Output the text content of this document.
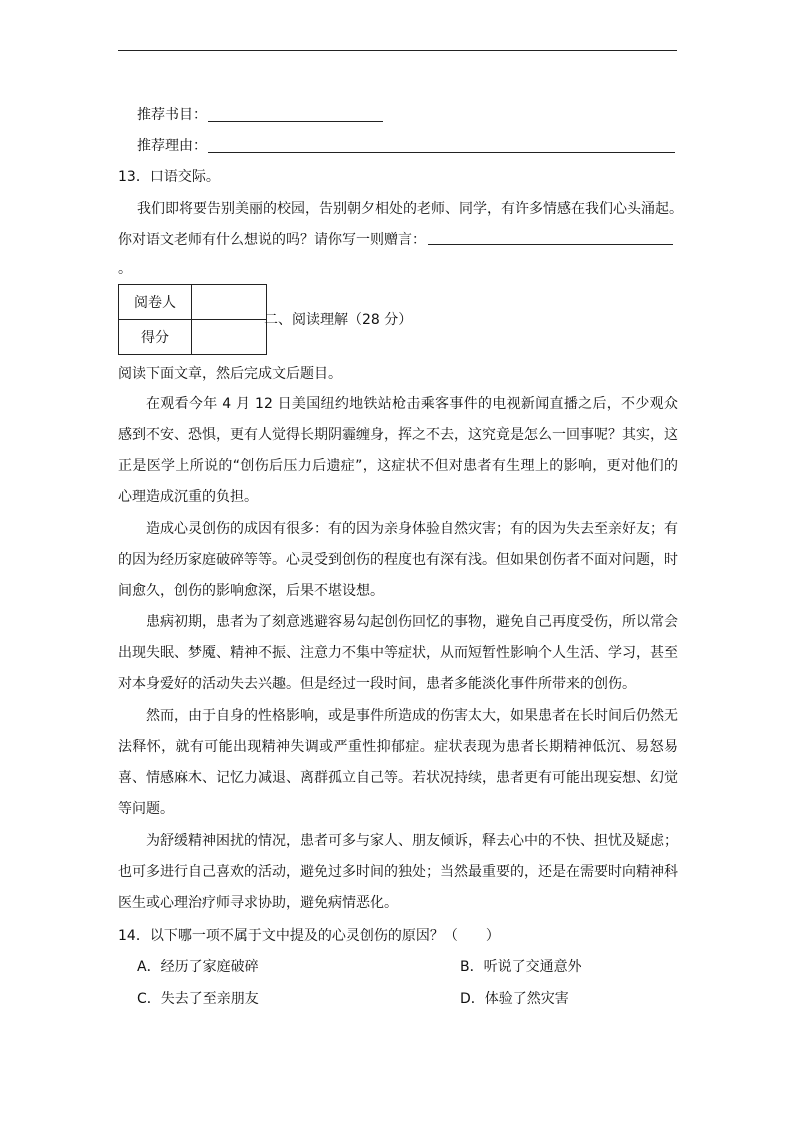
推荐书目：
推荐理由：
13．口语交际。
我们即将要告别美丽的校园，告别朝夕相处的老师、同学，有许多情感在我们心头涌起。
你对语文老师有什么想说的吗？请你写一则赠言：
。
阅卷人	
得分	
二、阅读理解（28 分）
阅读下面文章，然后完成文后题目。
在观看今年 4 月 12 日美国纽约地铁站枪击乘客事件的电视新闻直播之后，不少观众感到不安、恐惧，更有人觉得长期阴霾缠身，挥之不去，这究竟是怎么一回事呢？其实，这正是医学上所说的“创伤后压力后遗症”，这症状不但对患者有生理上的影响，更对他们的心理造成沉重的负担。
造成心灵创伤的成因有很多：有的因为亲身体验自然灾害；有的因为失去至亲好友；有的因为经历家庭破碎等等。心灵受到创伤的程度也有深有浅。但如果创伤者不面对问题，时间愈久，创伤的影响愈深，后果不堪设想。
患病初期，患者为了刻意逃避容易勾起创伤回忆的事物，避免自己再度受伤，所以常会出现失眠、梦魇、精神不振、注意力不集中等症状，从而短暂性影响个人生活、学习，甚至对本身爱好的活动失去兴趣。但是经过一段时间，患者多能淡化事件所带来的创伤。
然而，由于自身的性格影响，或是事件所造成的伤害太大，如果患者在长时间后仍然无法释怀，就有可能出现精神失调或严重性抑郁症。症状表现为患者长期精神低沉、易怒易喜、情感麻木、记忆力减退、离群孤立自己等。若状况持续，患者更有可能出现妄想、幻觉等问题。
为舒缓精神困扰的情况，患者可多与家人、朋友倾诉，释去心中的不快、担忧及疑虑；也可多进行自己喜欢的活动，避免过多时间的独处；当然最重要的，还是在需要时向精神科医生或心理治疗师寻求协助，避免病情恶化。
14．以下哪一项不属于文中提及的心灵创伤的原因？（　　）
A．经历了家庭破碎	B．听说了交通意外
C．失去了至亲朋友	D．体验了然灾害
